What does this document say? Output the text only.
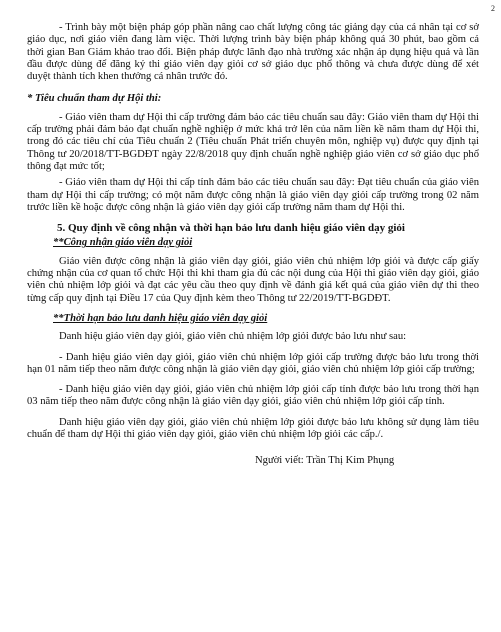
2

- Trình bày một biện pháp góp phần nâng cao chất lượng công tác giảng dạy của cá nhân tại cơ sở giáo dục, nơi giáo viên đang làm việc. Thời lượng trình bày biện pháp không quá 30 phút, bao gồm cả thời gian Ban Giám khảo trao đổi. Biện pháp được lãnh đạo nhà trường xác nhận áp dụng hiệu quả và lần đầu được dùng để đăng ký thi giáo viên dạy giỏi cơ sở giáo dục phổ thông và chưa được dùng để xét duyệt thành tích khen thưởng cá nhân trước đó.

* Tiêu chuẩn tham dự Hội thi:

- Giáo viên tham dự Hội thi cấp trường đảm bảo các tiêu chuẩn sau đây: Giáo viên tham dự Hội thi cấp trường phải đảm bảo đạt chuẩn nghề nghiệp ở mức khá trở lên của năm liền kề năm tham dự Hội thi, trong đó các tiêu chí của Tiêu chuẩn 2 (Tiêu chuẩn Phát triển chuyên môn, nghiệp vụ) được quy định tại Thông tư 20/2018/TT-BGDĐT ngày 22/8/2018 quy định chuẩn nghề nghiệp giáo viên cơ sở giáo dục phổ thông đạt mức tốt;

- Giáo viên tham dự Hội thi cấp tỉnh đảm bảo các tiêu chuẩn sau đây: Đạt tiêu chuẩn của giáo viên tham dự Hội thi cấp trường; có một năm được công nhận là giáo viên dạy giỏi cấp trường trong 02 năm trước liền kề hoặc được công nhận là giáo viên dạy giỏi cấp trường năm tham dự Hội thi.

5. Quy định về công nhận và thời hạn bảo lưu danh hiệu giáo viên dạy giỏi

**Công nhận giáo viên dạy giỏi

Giáo viên được công nhận là giáo viên dạy giỏi, giáo viên chủ nhiệm lớp giỏi và được cấp giấy chứng nhận của cơ quan tổ chức Hội thi khi tham gia đủ các nội dung của Hội thi giáo viên dạy giỏi, giáo viên chủ nhiệm lớp giỏi và đạt các yêu cầu theo quy định về đánh giá kết quả của giáo viên dự thi theo từng cấp quy định tại Điều 17 của Quy định kèm theo Thông tư 22/2019/TT-BGDĐT.

**Thời hạn bảo lưu danh hiệu giáo viên dạy giỏi

Danh hiệu giáo viên dạy giỏi, giáo viên chủ nhiệm lớp giỏi được bảo lưu như sau:

- Danh hiệu giáo viên dạy giỏi, giáo viên chủ nhiệm lớp giỏi cấp trường được bảo lưu trong thời hạn 01 năm tiếp theo năm được công nhận là giáo viên dạy giỏi, giáo viên chủ nhiệm lớp giỏi cấp trường;

- Danh hiệu giáo viên dạy giỏi, giáo viên chủ nhiệm lớp giỏi cấp tỉnh được bảo lưu trong thời hạn 03 năm tiếp theo năm được công nhận là giáo viên dạy giỏi, giáo viên chủ nhiệm lớp giỏi cấp tỉnh.

Danh hiệu giáo viên dạy giỏi, giáo viên chủ nhiệm lớp giỏi được bảo lưu không sử dụng làm tiêu chuẩn để tham dự Hội thi giáo viên dạy giỏi, giáo viên chủ nhiệm lớp giỏi các cấp./.

Người viết: Trần Thị Kim Phụng
